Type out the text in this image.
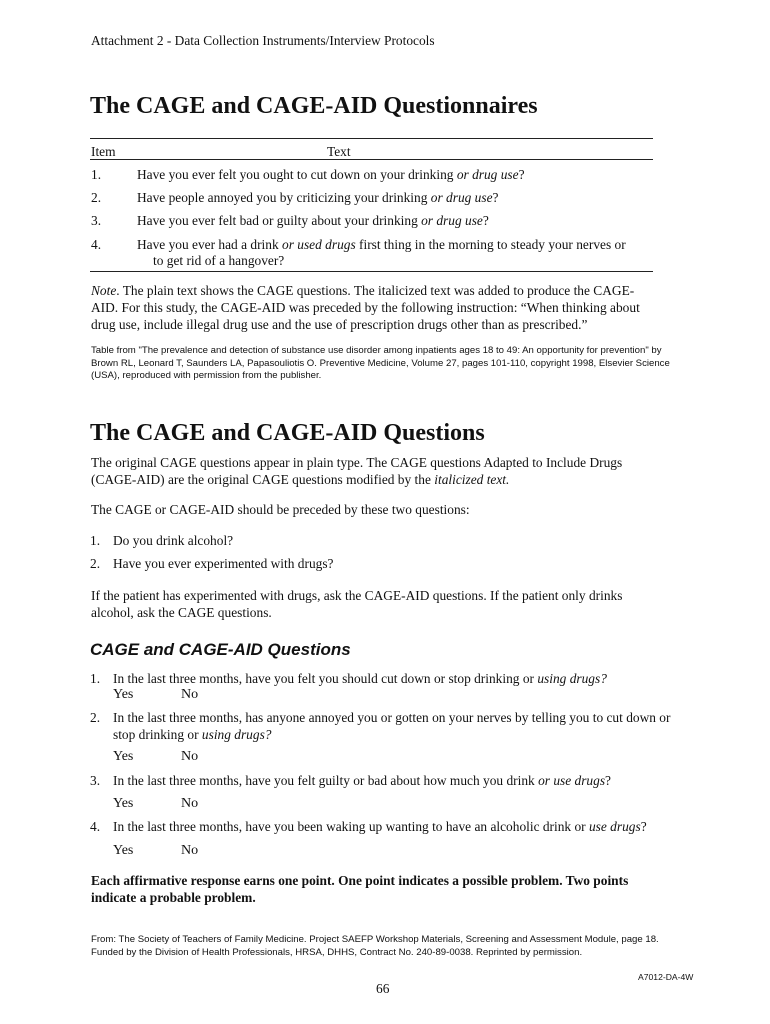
Attachment 2 - Data Collection Instruments/Interview Protocols
The CAGE and CAGE-AID Questionnaires
Item	Text
1.	Have you ever felt you ought to cut down on your drinking or drug use?
2.	Have people annoyed you by criticizing your drinking or drug use?
3.	Have you ever felt bad or guilty about your drinking or drug use?
4.	Have you ever had a drink or used drugs first thing in the morning to steady your nerves or
to get rid of a hangover?
Note. The plain text shows the CAGE questions. The italicized text was added to produce the CAGE-AID. For this study, the CAGE-AID was preceded by the following instruction: “When thinking about drug use, include illegal drug use and the use of prescription drugs other than as prescribed.”
Table from "The prevalence and detection of substance use disorder among inpatients ages 18 to 49: An opportunity for prevention" by Brown RL, Leonard T, Saunders LA, Papasouliotis O. Preventive Medicine, Volume 27, pages 101-110, copyright 1998, Elsevier Science (USA), reproduced with permission from the publisher.
The CAGE and CAGE-AID Questions
The original CAGE questions appear in plain type. The CAGE questions Adapted to Include Drugs (CAGE-AID) are the original CAGE questions modified by the italicized text.
The CAGE or CAGE-AID should be preceded by these two questions:
1. Do you drink alcohol?
2. Have you ever experimented with drugs?
If the patient has experimented with drugs, ask the CAGE-AID questions. If the patient only drinks alcohol, ask the CAGE questions.
CAGE and CAGE-AID Questions
1. In the last three months, have you felt you should cut down or stop drinking or using drugs?
Yes	No
2. In the last three months, has anyone annoyed you or gotten on your nerves by telling you to cut down or stop drinking or using drugs?
Yes	No
3. In the last three months, have you felt guilty or bad about how much you drink or use drugs?
Yes	No
4. In the last three months, have you been waking up wanting to have an alcoholic drink or use drugs?
Yes	No
Each affirmative response earns one point. One point indicates a possible problem. Two points indicate a probable problem.
From: The Society of Teachers of Family Medicine. Project SAEFP Workshop Materials, Screening and Assessment Module, page 18. Funded by the Division of Health Professionals, HRSA, DHHS, Contract No. 240-89-0038. Reprinted by permission.
A7012-DA-4W
66
